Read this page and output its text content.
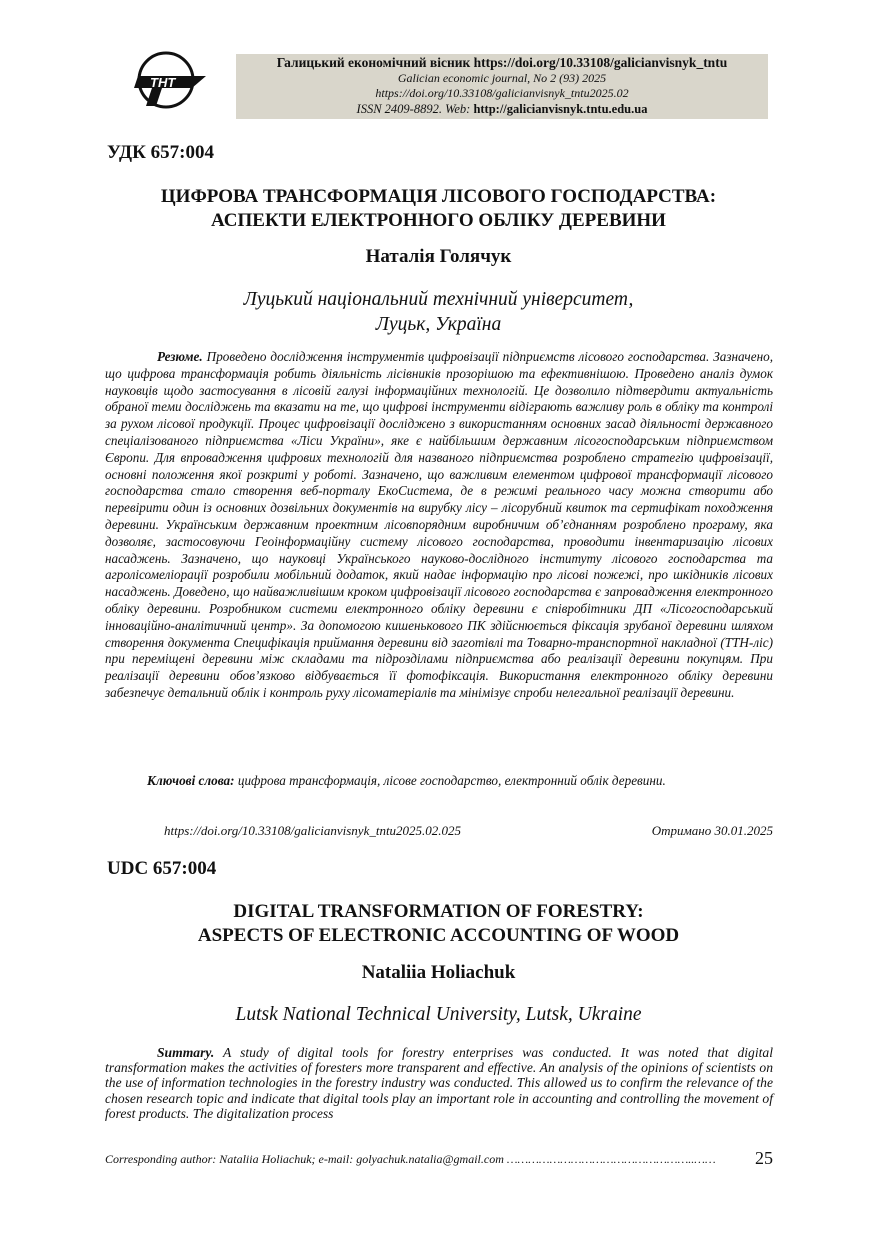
ТНТ
Галицький економічний вісник https://doi.org/10.33108/galicianvisnyk_tntu
Galician economic journal, No 2 (93) 2025
https://doi.org/10.33108/galicianvisnyk_tntu2025.02
ISSN 2409-8892. Web: http://galicianvisnyk.tntu.edu.ua
УДК 657:004
ЦИФРОВА ТРАНСФОРМАЦІЯ ЛІСОВОГО ГОСПОДАРСТВА:
АСПЕКТИ ЕЛЕКТРОННОГО ОБЛІКУ ДЕРЕВИНИ
Наталія Голячук
Луцький національний технічний університет,
Луцьк, Україна
Резюме. Проведено дослідження інструментів цифровізації підприємств лісового господарства. Зазначено, що цифрова трансформація робить діяльність лісівників прозорішою та ефективнішою. Проведено аналіз думок науковців щодо застосування в лісовій галузі інформаційних технологій. Це дозволило підтвердити актуальність обраної теми досліджень та вказати на те, що цифрові інструменти відіграють важливу роль в обліку та контролі за рухом лісової продукції. Процес цифровізації досліджено з використанням основних засад діяльності державного спеціалізованого підприємства «Ліси України», яке є найбільшим державним лісогосподарським підприємством Європи. Для впровадження цифрових технологій для названого підприємства розроблено стратегію цифровізації, основні положення якої розкриті у роботі. Зазначено, що важливим елементом цифрової трансформації лісового господарства стало створення веб-порталу ЕкоСистема, де в режимі реального часу можна створити або перевірити один із основних дозвільних документів на вирубку лісу – лісорубний квиток та сертифікат походження деревини. Українським державним проектним лісовпорядним виробничим об’єднанням розроблено програму, яка дозволяє, застосовуючи Геоінформаційну систему лісового господарства, проводити інвентаризацію лісових насаджень. Зазначено, що науковці Українського науково-дослідного інституту лісового господарства та агролісомеліорації розробили мобільний додаток, який надає інформацію про лісові пожежі, про шкідників лісових насаджень. Доведено, що найважливішим кроком цифровізації лісового господарства є запровадження електронного обліку деревини. Розробником системи електронного обліку деревини є співробітники ДП «Лісогосподарський інноваційно-аналітичний центр». За допомогою кишенькового ПК здійснюється фіксація зрубаної деревини шляхом створення документа Специфікація приймання деревини від заготівлі та Товарно-транспортної накладної (ТТН-ліс) при переміщені деревини між складами та підрозділами підприємства або реалізації деревини покупцям. При реалізації деревини обов’язково відбувається її фотофіксація. Використання електронного обліку деревини забезпечує детальний облік і контроль руху лісоматеріалів та мінімізує спроби нелегальної реалізації деревини.
Ключові слова: цифрова трансформація, лісове господарство, електронний облік деревини.
https://doi.org/10.33108/galicianvisnyk_tntu2025.02.025	Отримано 30.01.2025
UDC 657:004
DIGITAL TRANSFORMATION OF FORESTRY:
ASPECTS OF ELECTRONIC ACCOUNTING OF WOOD
Nataliia Holiachuk
Lutsk National Technical University, Lutsk, Ukraine
Summary. A study of digital tools for forestry enterprises was conducted. It was noted that digital transformation makes the activities of foresters more transparent and effective. An analysis of the opinions of scientists on the use of information technologies in the forestry industry was conducted. This allowed us to confirm the relevance of the chosen research topic and indicate that digital tools play an important role in accounting and controlling the movement of forest products. The digitalization process
Corresponding author: Nataliia Holiachuk; e-mail: golyachuk.natalia@gmail.com ……………………………………………..…… 25
